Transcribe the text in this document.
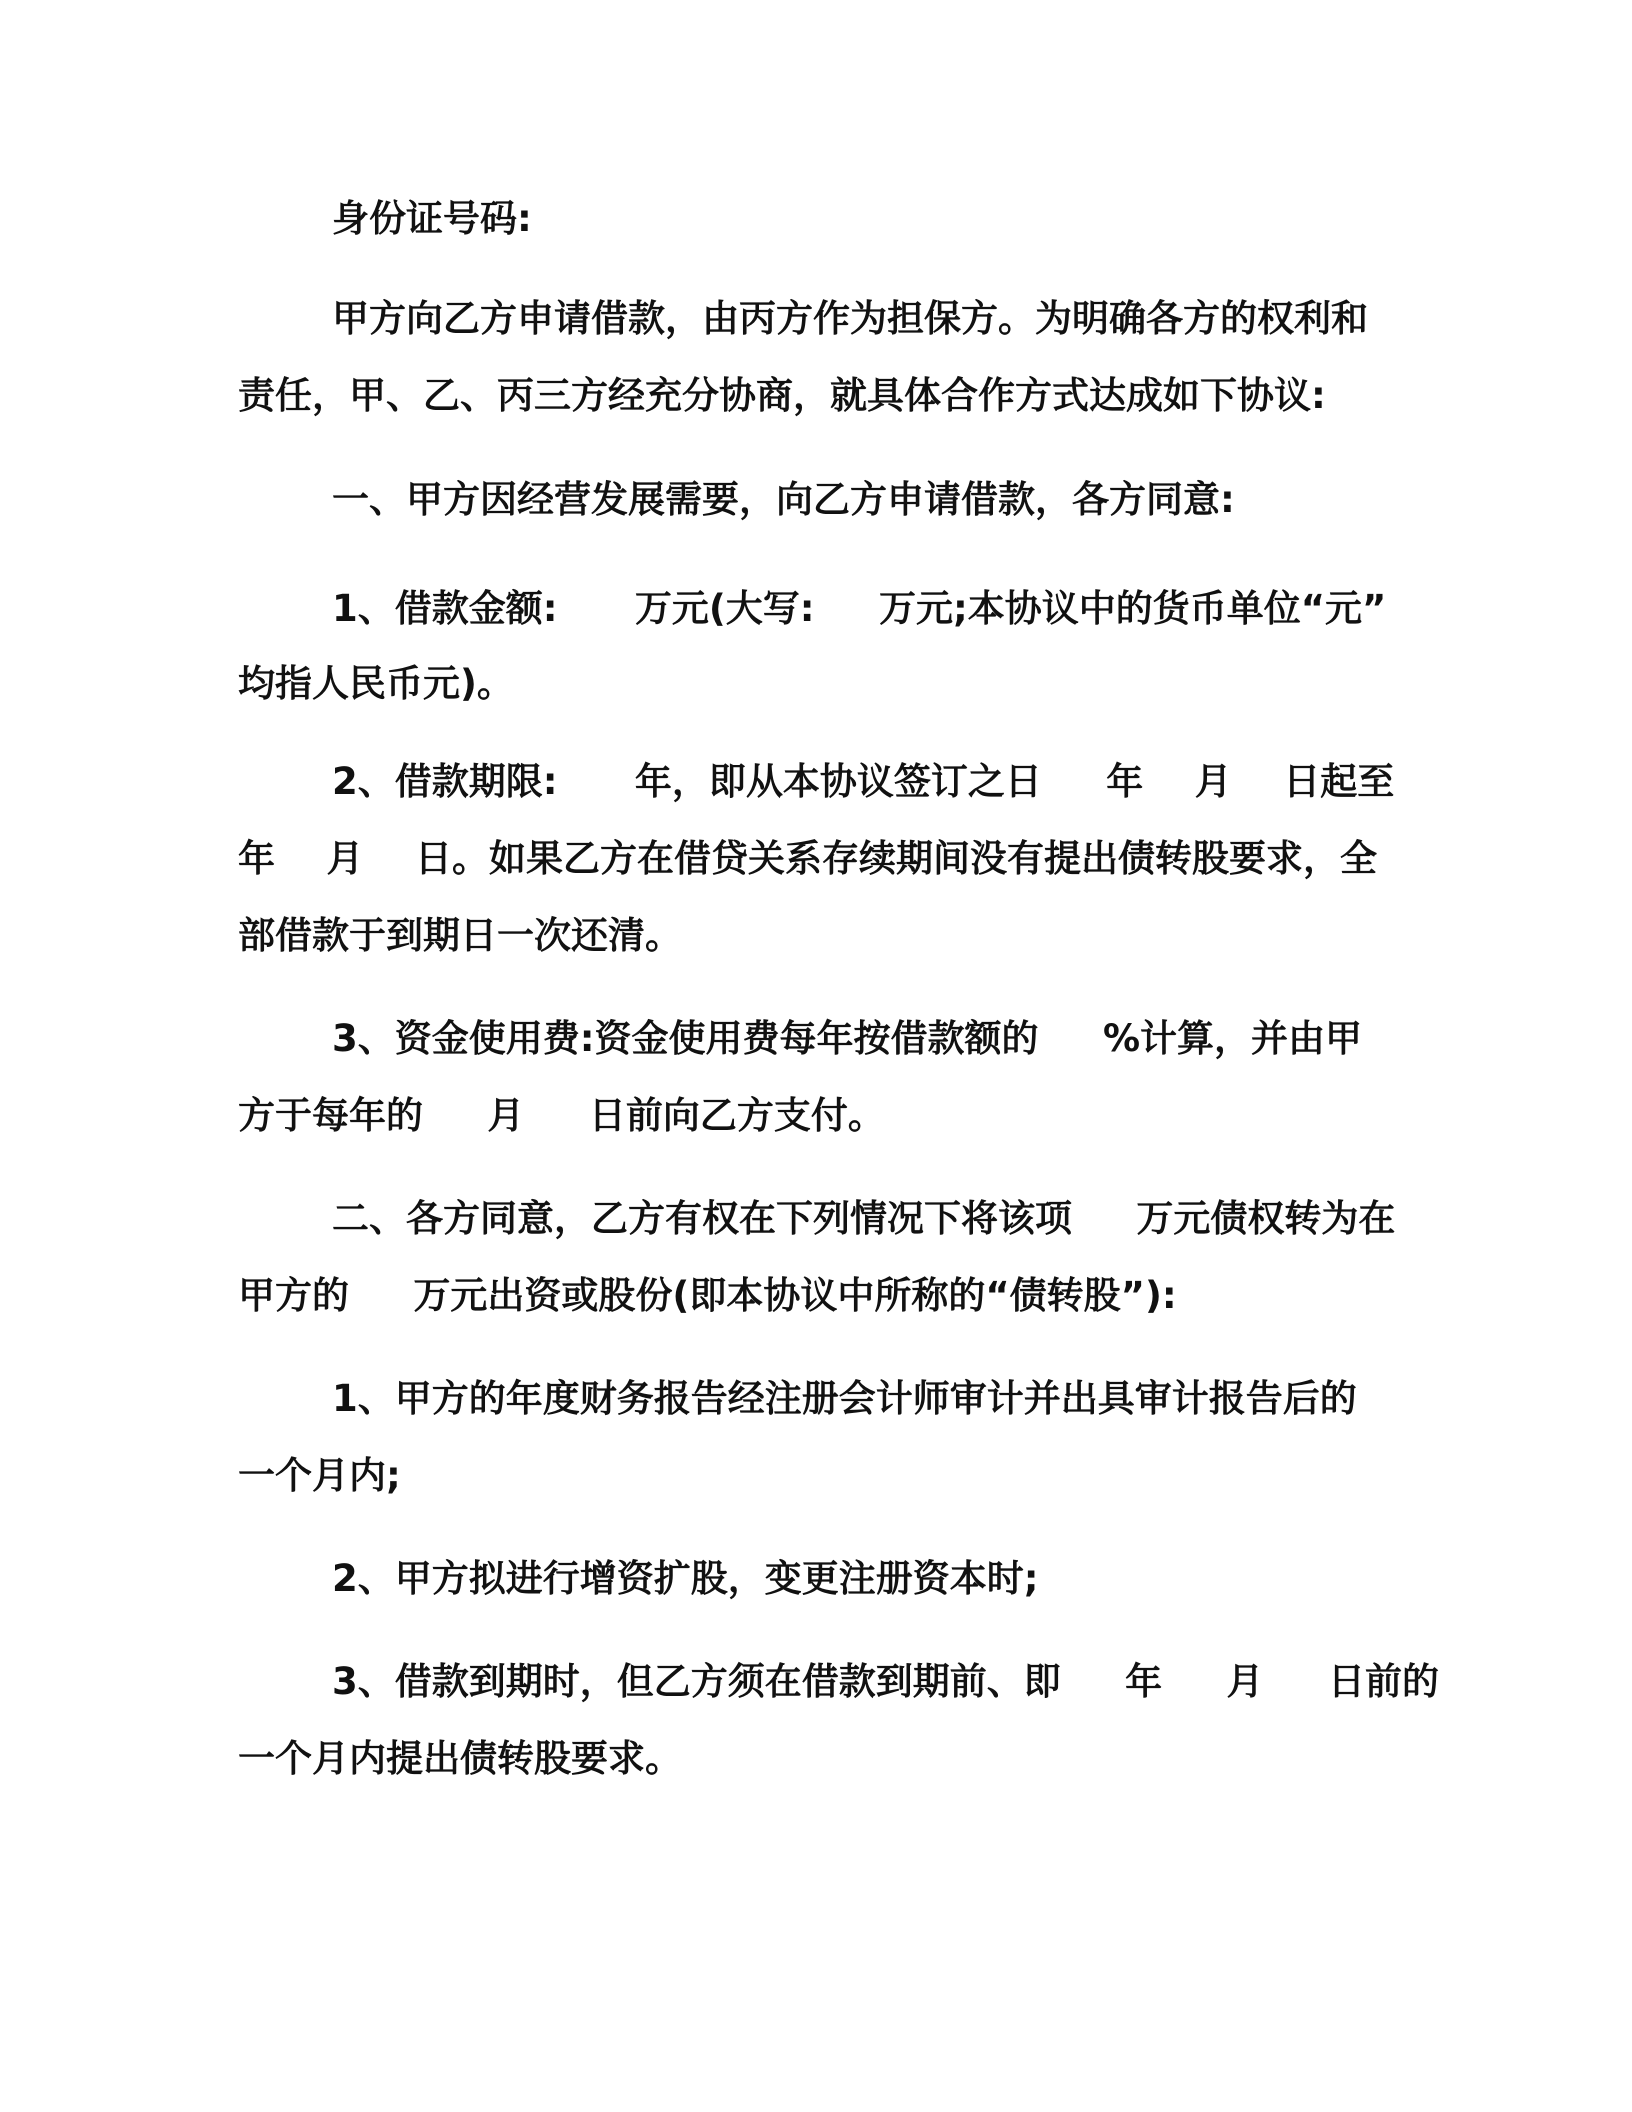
身份证号码:
甲方向乙方申请借款，由丙方作为担保方。为明确各方的权利和
责任，甲、乙、丙三方经充分协商，就具体合作方式达成如下协议:
一、甲方因经营发展需要，向乙方申请借款，各方同意:
1、借款金额:      万元(大写:     万元;本协议中的货币单位“元”
均指人民币元)。
2、借款期限:      年，即从本协议签订之日     年    月    日起至
年    月    日。如果乙方在借贷关系存续期间没有提出债转股要求，全
部借款于到期日一次还清。
3、资金使用费:资金使用费每年按借款额的     %计算，并由甲
方于每年的     月     日前向乙方支付。
二、各方同意，乙方有权在下列情况下将该项     万元债权转为在
甲方的     万元出资或股份(即本协议中所称的“债转股”):
1、甲方的年度财务报告经注册会计师审计并出具审计报告后的
一个月内;
2、甲方拟进行增资扩股，变更注册资本时;
3、借款到期时，但乙方须在借款到期前、即     年     月     日前的
一个月内提出债转股要求。
